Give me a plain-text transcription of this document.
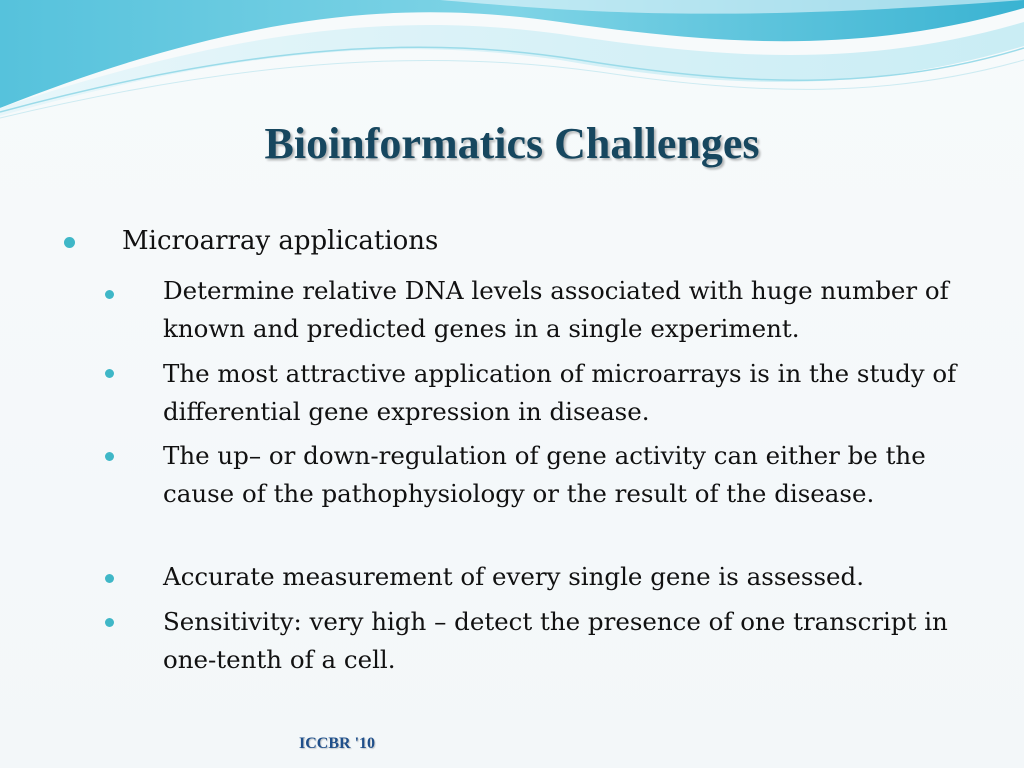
Bioinformatics Challenges
Microarray applications
Determine relative DNA levels associated with huge number of known and predicted genes in a single experiment.
The most attractive application of microarrays is in the study of differential gene expression in disease.
The up– or down-regulation of gene activity can either be the cause of the pathophysiology or the result of the disease.
Accurate measurement of every single gene is assessed.
Sensitivity: very high – detect the presence of one transcript in one-tenth of a cell.
ICCBR '10
